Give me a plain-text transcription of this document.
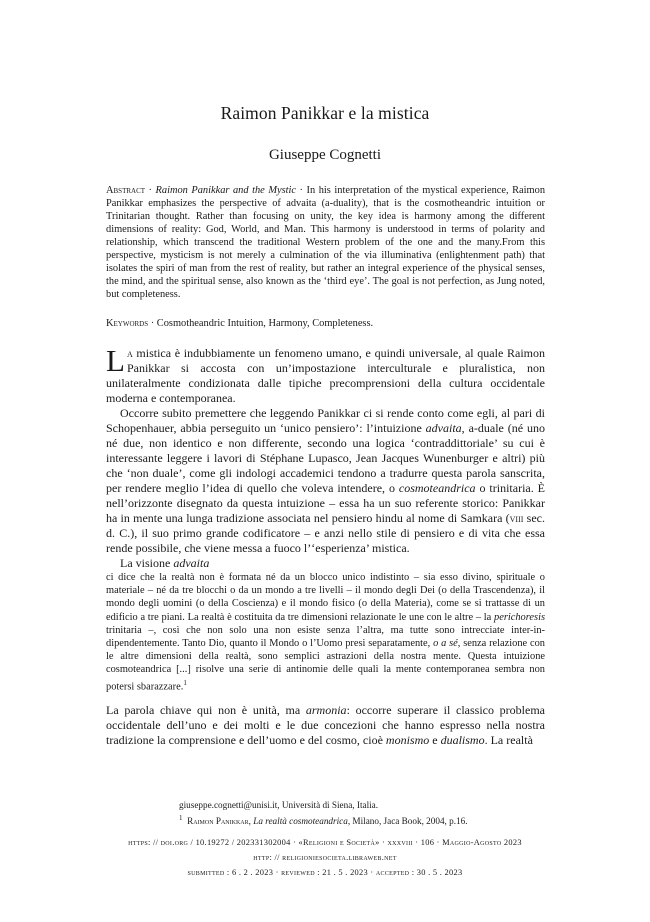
Raimon Panikkar e la mistica
Giuseppe Cognetti
Abstract · Raimon Panikkar and the Mystic · In his interpretation of the mystical experience, Raimon Panikkar emphasizes the perspective of advaita (a-duality), that is the cosmotheandric intuition or Trinitarian thought. Rather than focusing on unity, the key idea is harmony among the different dimensions of reality: God, World, and Man. This harmony is understood in terms of polarity and relationship, which transcend the traditional Western problem of the one and the many.From this perspective, mysticism is not merely a culmination of the via illuminativa (enlightenment path) that isolates the spiri of man from the rest of reality, but rather an integral experience of the physical senses, the mind, and the spiritual sense, also known as the ‘third eye’. The goal is not perfection, as Jung noted, but completeness.
Keywords · Cosmotheandric Intuition, Harmony, Completeness.

La mistica è indubbiamente un fenomeno umano, e quindi universale, al quale Raimon Panikkar si accosta con un’impostazione interculturale e pluralistica, non unilateralmente condizionata dalle tipiche precomprensioni della cultura occidentale moderna e contemporanea.

Occorre subito premettere che leggendo Panikkar ci si rende conto come egli, al pari di Schopenhauer, abbia perseguito un ‘unico pensiero’: l’intuizione advaita, a-duale (né uno né due, non identico e non differente, secondo una logica ‘contraddittoriale’ su cui è interessante leggere i lavori di Stéphane Lupasco, Jean Jacques Wunenburger e altri) più che ‘non duale’, come gli indologi accademici tendono a tradurre questa parola sanscrita, per rendere meglio l’idea di quello che voleva intendere, o cosmoteandrica o trinitaria. È nell’orizzonte disegnato da questa intuizione – essa ha un suo referente storico: Panikkar ha in mente una lunga tradizione associata nel pensiero hindu al nome di Samkara (viii sec. d. C.), il suo primo grande codificatore – e anzi nello stile di pensiero e di vita che essa rende possibile, che viene messa a fuoco l’‘esperienza’ mistica.

La visione advaita

ci dice che la realtà non è formata né da un blocco unico indistinto – sia esso divino, spirituale o materiale – né da tre blocchi o da un mondo a tre livelli – il mondo degli Dei (o della Trascendenza), il mondo degli uomini (o della Coscienza) e il mondo fisico (o della Materia), come se si trattasse di un edificio a tre piani. La realtà è costituita da tre dimensioni relazionate le une con le altre – la perichoresis trinitaria –, così che non solo una non esiste senza l’altra, ma tutte sono intrecciate inter-in-dipendentemente. Tanto Dio, quanto il Mondo o l’Uomo presi separatamente, o a sé, senza relazione con le altre dimensioni della realtà, sono semplici astrazioni della nostra mente. Questa intuizione cosmoteandrica [...] risolve una serie di antinomie delle quali la mente contemporanea sembra non potersi sbarazzare.$^1$

La parola chiave qui non è unità, ma armonia: occorre superare il classico problema occidentale dell’uno e dei molti e le due concezioni che hanno espresso nella nostra tradizione la comprensione e dell’uomo e del cosmo, cioè monismo e dualismo. La realtà

giuseppe.cognetti@unisi.it, Università di Siena, Italia.
$^1$ Raimon Panikkar, La realtà cosmoteandrica, Milano, Jaca Book, 2004, p.16.
https: // doi.org / 10.19272 / 202331302004 · «Religioni e Società» · xxxviii · 106 · Maggio-Agosto 2023
http: // religioniesocieta.libraweb.net
submitted : 6 . 2 . 2023 · reviewed : 21 . 5 . 2023 · accepted : 30 . 5 . 2023
